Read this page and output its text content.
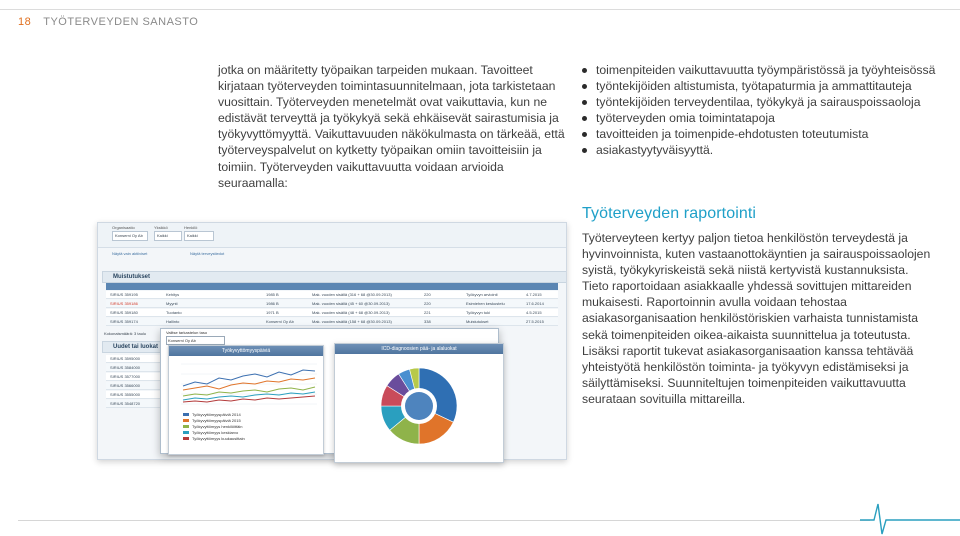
18 TYÖTERVEYDEN SANASTO
jotka on määritetty työpaikan tarpeiden mukaan. Tavoitteet kirjataan työterveyden toimintasuunnitelmaan, jota tarkistetaan vuosittain. Työterveyden menetelmät ovat vaikuttavia, kun ne edistävät terveyttä ja työkykyä sekä ehkäisevät sairastumisia ja työkyvyttömyyttä. Vaikuttavuuden näkökulmasta on tärkeää, että työterveyspalvelut on kytketty työpaikan omiin tavoitteisiin ja toimiin. Työterveyden vaikuttavuutta voidaan arvioida seuraamalla:
toimenpiteiden vaikuttavuutta työympäristössä ja työyhteisössä
työntekijöiden altistumista, työtapaturmia ja ammattitauteja
työntekijöiden terveydentilaa, työkykyä ja sairauspoissaoloja
työterveyden omia toimintatapoja
tavoitteiden ja toimenpide-ehdotusten toteutumista
asiakastyytyväisyyttä.
Työterveyden raportointi
Työterveyteen kertyy paljon tietoa henkilöstön terveydestä ja hyvinvoinnista, kuten vastaanottokäyntien ja sairauspoissaolojen syistä, työkykyriskeistä sekä niistä kertyvistä kustannuksista. Tieto raportoidaan asiakkaalle yhdessä sovittujen mittareiden mukaisesti. Raportoinnin avulla voidaan tehostaa asiakasorganisaation henkilöstöriskien varhaista tunnistamista sekä toimenpiteiden oikea-aikaista suunnittelua ja toteutusta. Lisäksi raportit tukevat asiakasorganisaation kanssa tehtävää yhteistyötä henkilöstön toiminta- ja työkyvyn edistämiseksi ja säilyttämiseksi. Suunniteltujen toimenpiteiden vaikuttavuutta seurataan sovituilla mittareilla.
Organisaatio
Konserni Oy Ab
Yksikkö
Kaikki
Henkilö
Kaikki
Näytä vain aktiiviset	Näytä terveystiedot
Muistutukset
SIRIUS 359195	Kehitys	1985 B	Mak. vuoden sisällä (316 + 68 @30.09.2013)	220	Työkyvyn arviointi	4.7.2015
SIRIUS 359186	Myynti	1986 B	Mak. vuoden sisällä (45 + 60 @30.09.2013)	220	Esimiehen keskustelu	17.6.2014
SIRIUS 359180	Tuotanto	1971 B	Mak. vuoden sisällä (48 + 68 @30.09.2013)	221	Työkyvyn tuki	4.5.2015
SIRIUS 359174	Hallinto	Konserni Oy Ab	Mak. vuoden sisällä (158 + 68 @30.09.2013)	338	Muistutukset	27.5.2015
Uudet tai luokat
Kokonaismäärä: 3 taulu
SIRIUS 3595000
SIRIUS 3584000
SIRIUS 3577000
SIRIUS 3566000
SIRIUS 3555000
SIRIUS 3548720
Valitse tarkastelun taso
Konserni Oy Ab
Työkyvyttömyyspäiviä
Työkyvyttömyyspäiviä 2014
Työkyvyttömyyspäiviä 2015
Työkyvyttömyys henkilöittäin
Työkyvyttömyys keskiarvo
Työkyvyttömyys kuukausittain
ICD-diagnoosien pää- ja alaluokat
